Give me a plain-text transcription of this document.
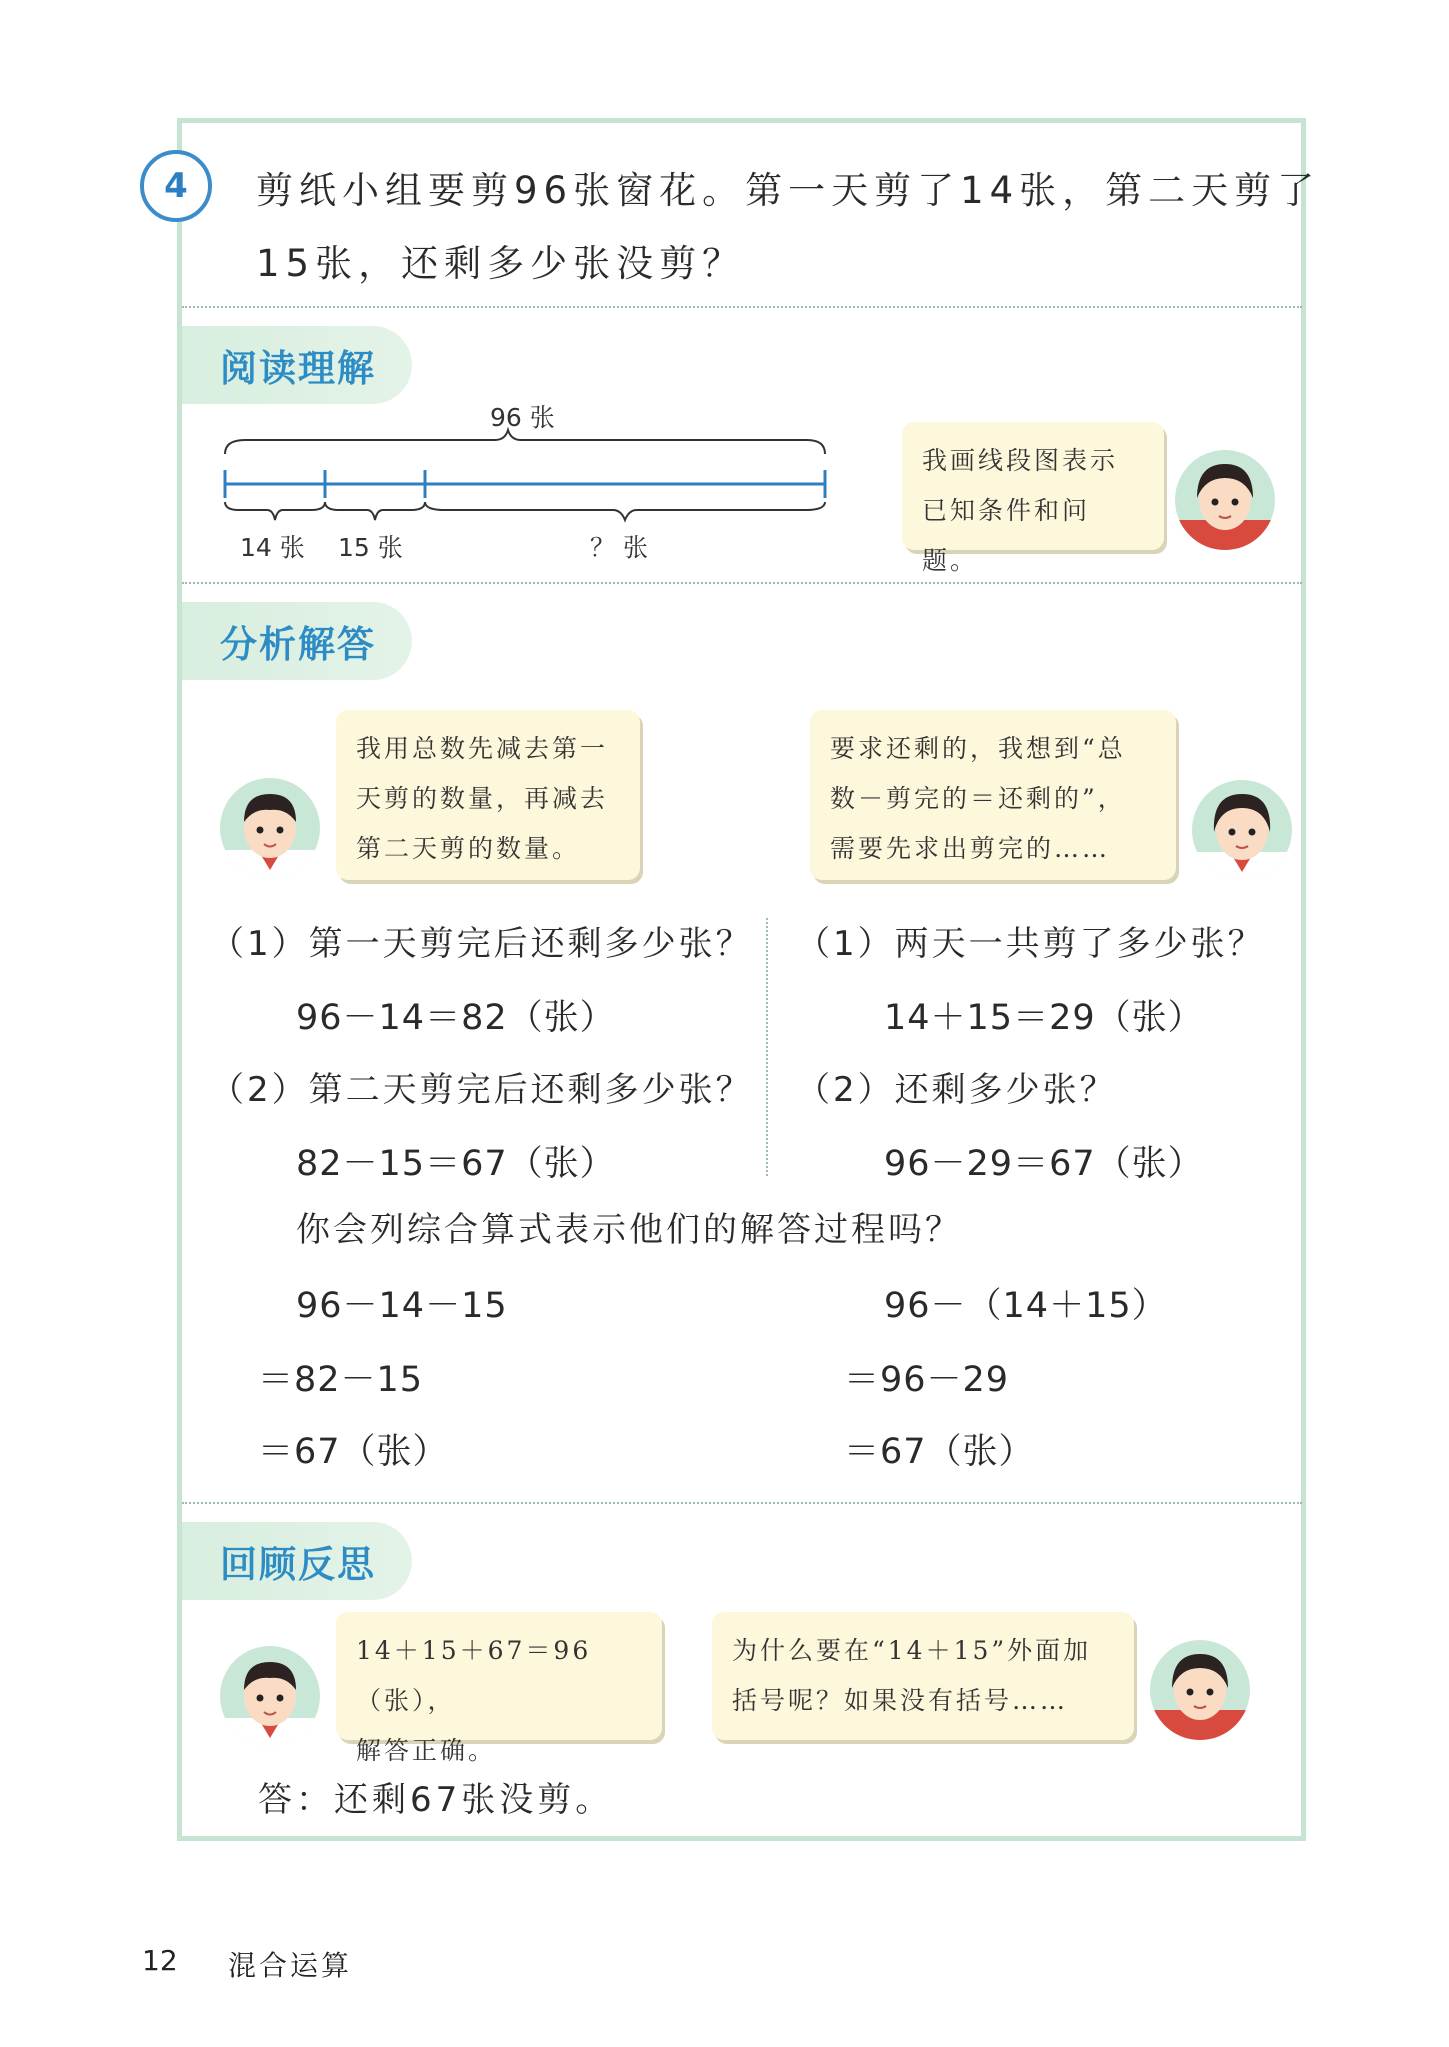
4	剪纸小组要剪96张窗花。第一天剪了14张，第二天剪了
15张，还剩多少张没剪？
阅读理解
96 张
14 张 15 张	？ 张
我画线段图表示
已知条件和问题。
分析解答
我用总数先减去第一
天剪的数量，再减去
第二天剪的数量。
要求还剩的，我想到“总
数－剪完的＝还剩的”，
需要先求出剪完的……
（1）第一天剪完后还剩多少张？
96－14＝82（张）
（2）第二天剪完后还剩多少张？
82－15＝67（张）
（1）两天一共剪了多少张？
14＋15＝29（张）
（2）还剩多少张？
96－29＝67（张）
你会列综合算式表示他们的解答过程吗？
96－14－15
＝82－15
＝67（张）
96－（14＋15）
＝96－29
＝67（张）
回顾反思
14＋15＋67＝96（张），
解答正确。
为什么要在“14＋15”外面加
括号呢？如果没有括号……
答：还剩67张没剪。
12 混合运算
